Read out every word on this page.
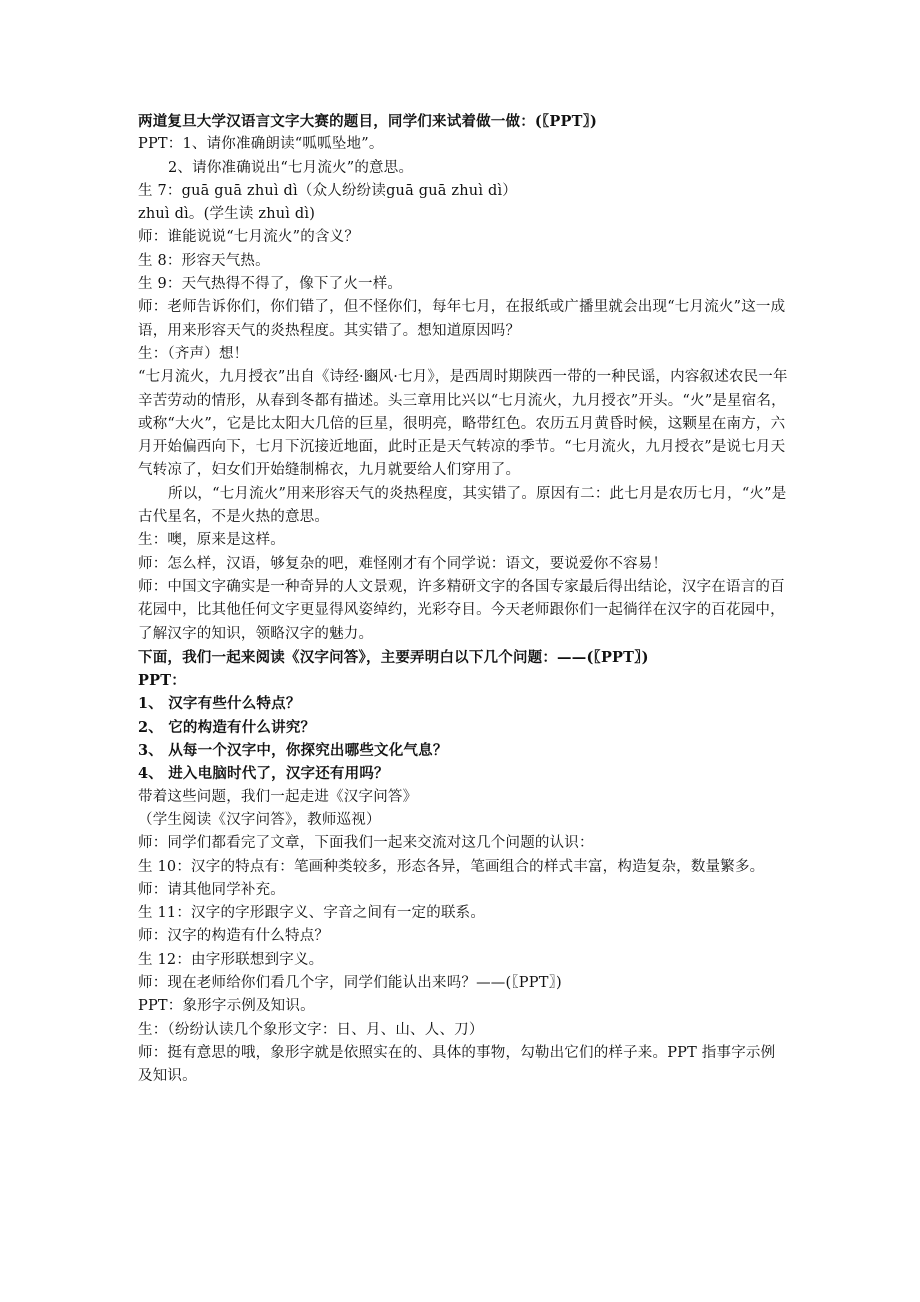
两道复旦大学汉语言文字大赛的题目，同学们来试着做一做：(〖PPT〗)

PPT：1、请你准确朗读“呱呱坠地”。

2、请你准确说出“七月流火”的意思。

生 7：guā guā zhuì dì（众人纷纷读guā guā zhuì dì）

zhuì dì。(学生读 zhuì dì)

师：谁能说说“七月流火”的含义？

生 8：形容天气热。

生 9：天气热得不得了，像下了火一样。

师：老师告诉你们，你们错了，但不怪你们，每年七月，在报纸或广播里就会出现“七月流火”这一成语，用来形容天气的炎热程度。其实错了。想知道原因吗？

生：（齐声）想！

“七月流火，九月授衣”出自《诗经·豳风·七月》，是西周时期陕西一带的一种民谣，内容叙述农民一年辛苦劳动的情形，从春到冬都有描述。头三章用比兴以“七月流火，九月授衣”开头。“火”是星宿名，或称“大火”，它是比太阳大几倍的巨星，很明亮，略带红色。农历五月黄昏时候，这颗星在南方，六月开始偏西向下，七月下沉接近地面，此时正是天气转凉的季节。“七月流火，九月授衣”是说七月天气转凉了，妇女们开始缝制棉衣，九月就要给人们穿用了。

所以，“七月流火”用来形容天气的炎热程度，其实错了。原因有二：此七月是农历七月，“火”是古代星名，不是火热的意思。

生：噢，原来是这样。

师：怎么样，汉语，够复杂的吧，难怪刚才有个同学说：语文，要说爱你不容易！

师：中国文字确实是一种奇异的人文景观，许多精研文字的各国专家最后得出结论，汉字在语言的百花园中，比其他任何文字更显得风姿绰约，光彩夺目。今天老师跟你们一起徜徉在汉字的百花园中，了解汉字的知识，领略汉字的魅力。

下面，我们一起来阅读《汉字问答》，主要弄明白以下几个问题：——(〖PPT〗)

PPT：

1、 汉字有些什么特点？

2、 它的构造有什么讲究？

3、 从每一个汉字中，你探究出哪些文化气息？

4、 进入电脑时代了，汉字还有用吗？

带着这些问题，我们一起走进《汉字问答》

（学生阅读《汉字问答》，教师巡视）

师：同学们都看完了文章，下面我们一起来交流对这几个问题的认识：

生 10：汉字的特点有：笔画种类较多，形态各异，笔画组合的样式丰富，构造复杂，数量繁多。

师：请其他同学补充。

生 11：汉字的字形跟字义、字音之间有一定的联系。

师：汉字的构造有什么特点？

生 12：由字形联想到字义。

师：现在老师给你们看几个字，同学们能认出来吗？——(〖PPT〗)

PPT：象形字示例及知识。

生：（纷纷认读几个象形文字：日、月、山、人、刀）

师：挺有意思的哦，象形字就是依照实在的、具体的事物，勾勒出它们的样子来。PPT 指事字示例及知识。
